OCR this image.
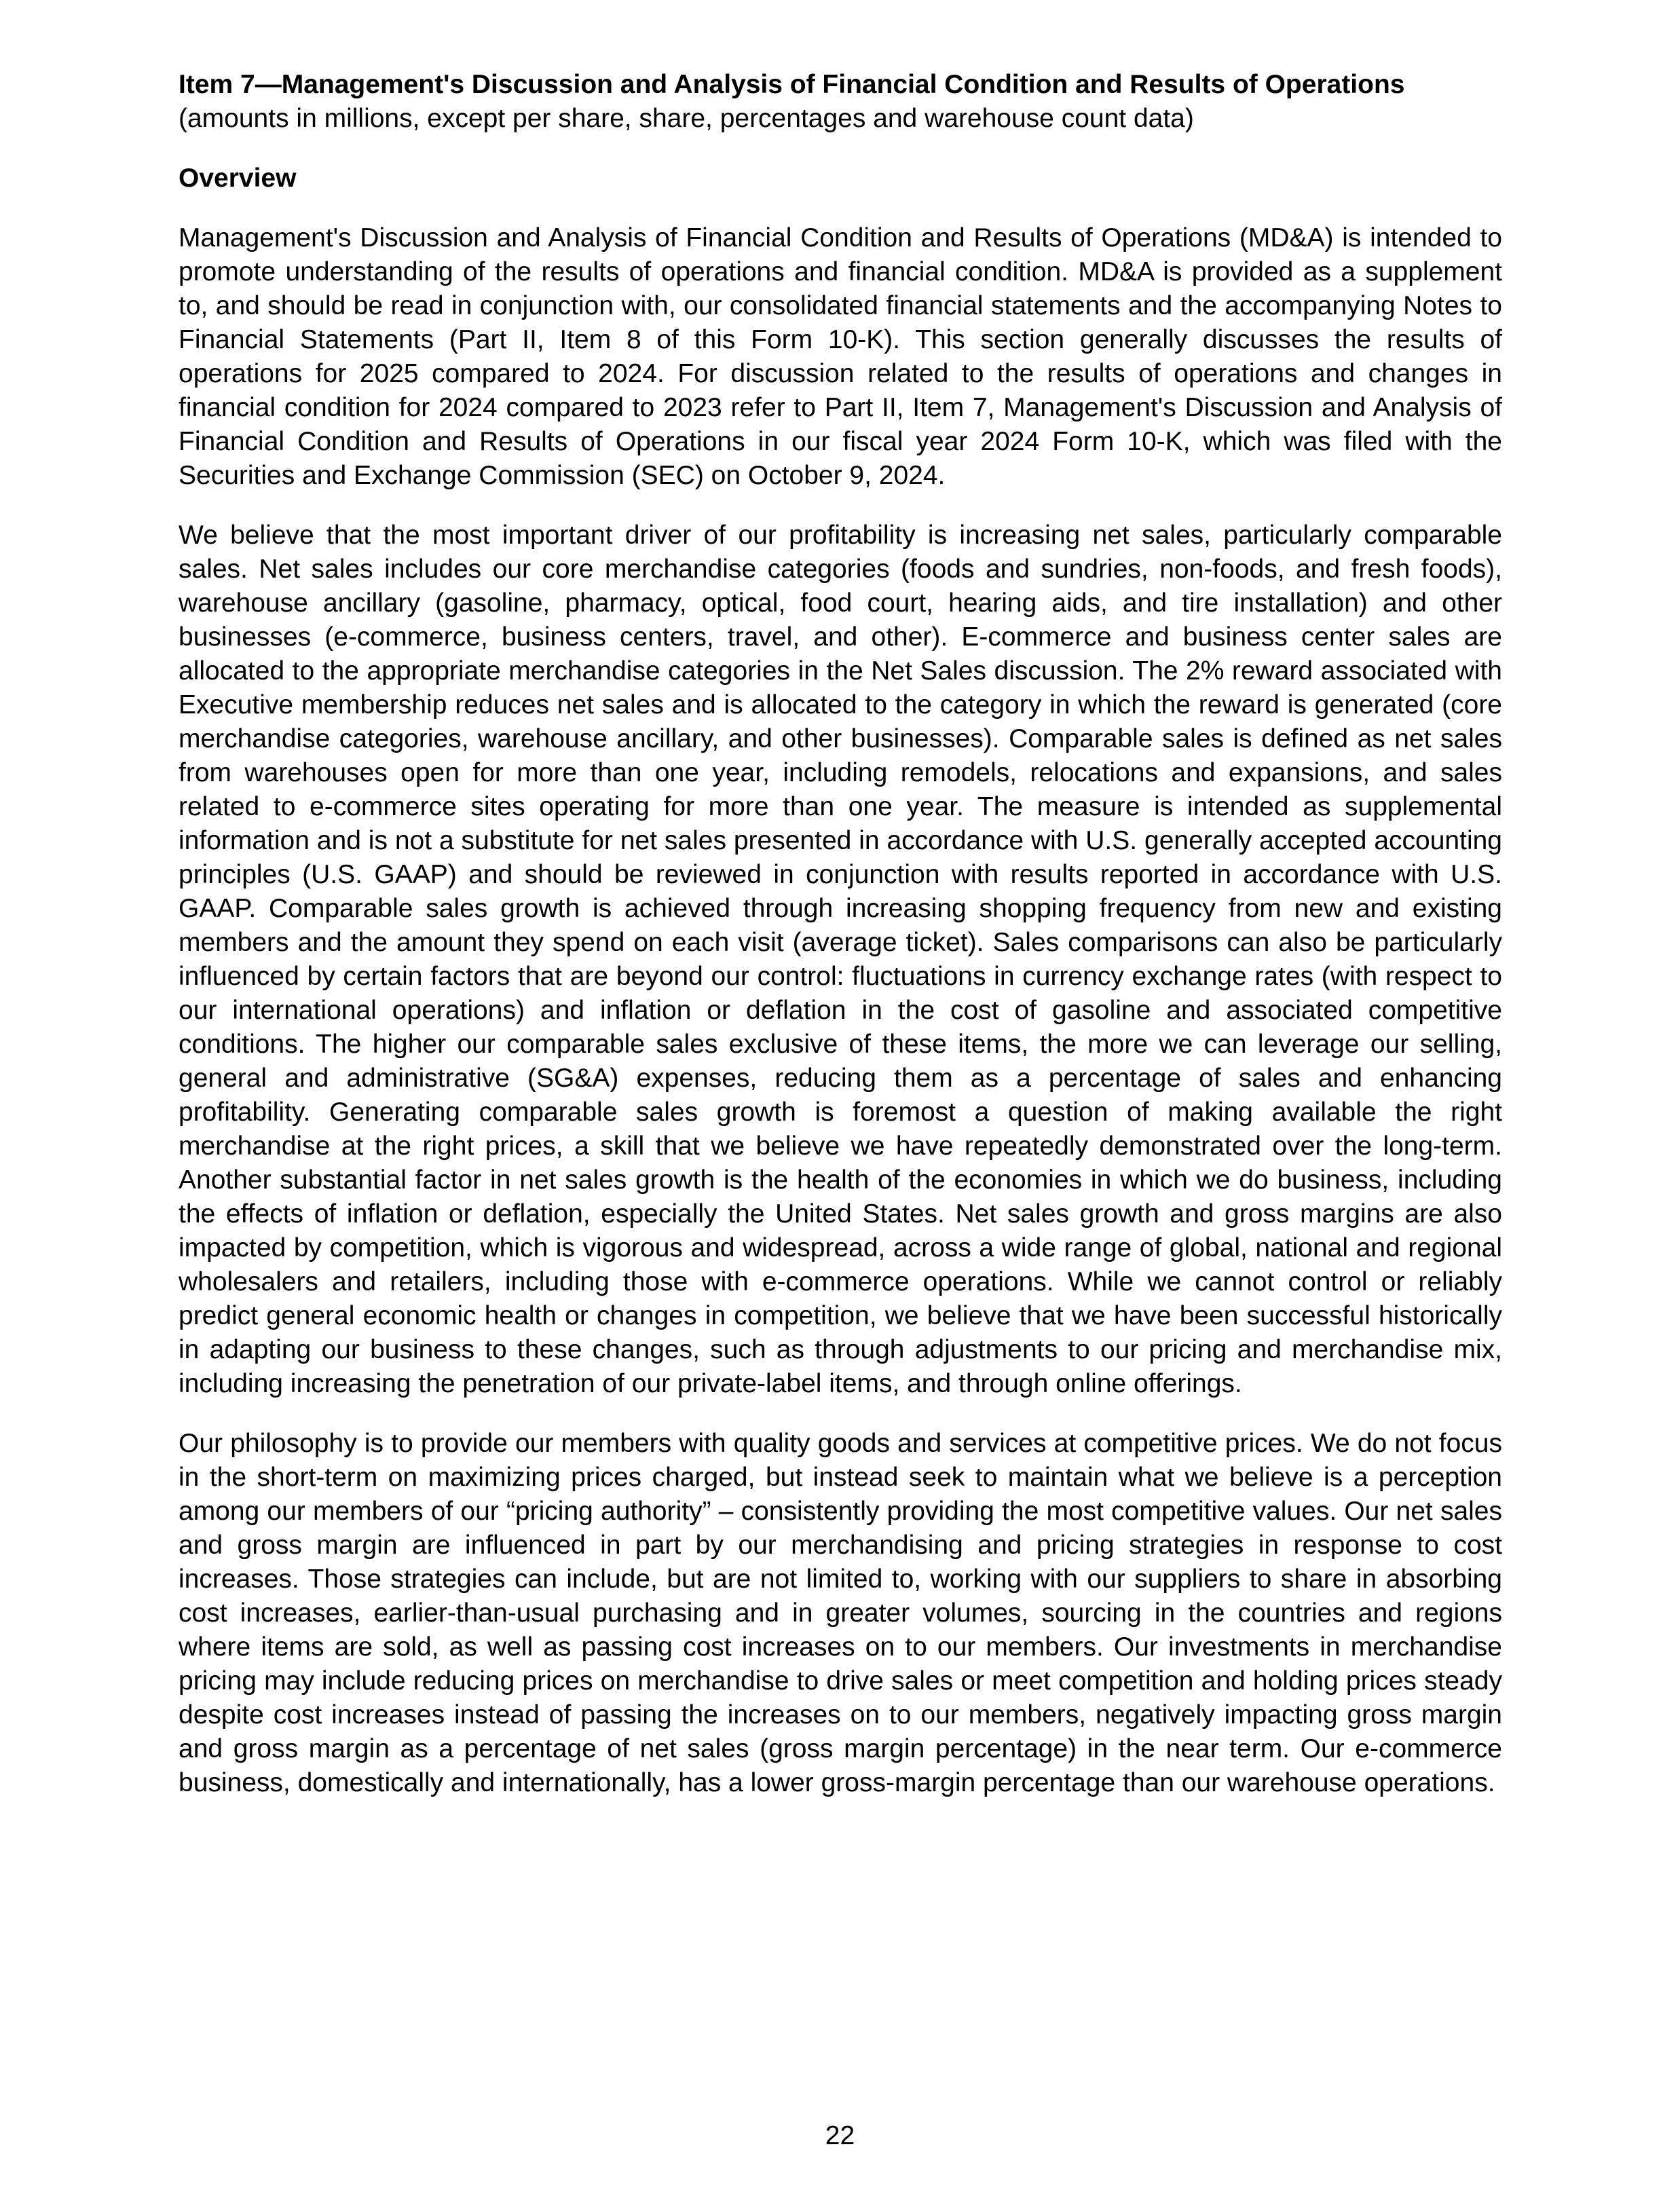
Item 7—Management's Discussion and Analysis of Financial Condition and Results of Operations

(amounts in millions, except per share, share, percentages and warehouse count data)

Overview

Management's Discussion and Analysis of Financial Condition and Results of Operations (MD&A) is intended to promote understanding of the results of operations and financial condition. MD&A is provided as a supplement to, and should be read in conjunction with, our consolidated financial statements and the accompanying Notes to Financial Statements (Part II, Item 8 of this Form 10-K). This section generally discusses the results of operations for 2025 compared to 2024. For discussion related to the results of operations and changes in financial condition for 2024 compared to 2023 refer to Part II, Item 7, Management's Discussion and Analysis of Financial Condition and Results of Operations in our fiscal year 2024 Form 10-K, which was filed with the Securities and Exchange Commission (SEC) on October 9, 2024.

We believe that the most important driver of our profitability is increasing net sales, particularly comparable sales. Net sales includes our core merchandise categories (foods and sundries, non-foods, and fresh foods), warehouse ancillary (gasoline, pharmacy, optical, food court, hearing aids, and tire installation) and other businesses (e-commerce, business centers, travel, and other). E-commerce and business center sales are allocated to the appropriate merchandise categories in the Net Sales discussion. The 2% reward associated with Executive membership reduces net sales and is allocated to the category in which the reward is generated (core merchandise categories, warehouse ancillary, and other businesses). Comparable sales is defined as net sales from warehouses open for more than one year, including remodels, relocations and expansions, and sales related to e-commerce sites operating for more than one year. The measure is intended as supplemental information and is not a substitute for net sales presented in accordance with U.S. generally accepted accounting principles (U.S. GAAP) and should be reviewed in conjunction with results reported in accordance with U.S. GAAP. Comparable sales growth is achieved through increasing shopping frequency from new and existing members and the amount they spend on each visit (average ticket). Sales comparisons can also be particularly influenced by certain factors that are beyond our control: fluctuations in currency exchange rates (with respect to our international operations) and inflation or deflation in the cost of gasoline and associated competitive conditions. The higher our comparable sales exclusive of these items, the more we can leverage our selling, general and administrative (SG&A) expenses, reducing them as a percentage of sales and enhancing profitability. Generating comparable sales growth is foremost a question of making available the right merchandise at the right prices, a skill that we believe we have repeatedly demonstrated over the long-term. Another substantial factor in net sales growth is the health of the economies in which we do business, including the effects of inflation or deflation, especially the United States. Net sales growth and gross margins are also impacted by competition, which is vigorous and widespread, across a wide range of global, national and regional wholesalers and retailers, including those with e-commerce operations. While we cannot control or reliably predict general economic health or changes in competition, we believe that we have been successful historically in adapting our business to these changes, such as through adjustments to our pricing and merchandise mix, including increasing the penetration of our private-label items, and through online offerings.

Our philosophy is to provide our members with quality goods and services at competitive prices. We do not focus in the short-term on maximizing prices charged, but instead seek to maintain what we believe is a perception among our members of our “pricing authority” – consistently providing the most competitive values. Our net sales and gross margin are influenced in part by our merchandising and pricing strategies in response to cost increases. Those strategies can include, but are not limited to, working with our suppliers to share in absorbing cost increases, earlier-than-usual purchasing and in greater volumes, sourcing in the countries and regions where items are sold, as well as passing cost increases on to our members. Our investments in merchandise pricing may include reducing prices on merchandise to drive sales or meet competition and holding prices steady despite cost increases instead of passing the increases on to our members, negatively impacting gross margin and gross margin as a percentage of net sales (gross margin percentage) in the near term. Our e-commerce business, domestically and internationally, has a lower gross-margin percentage than our warehouse operations.

22
